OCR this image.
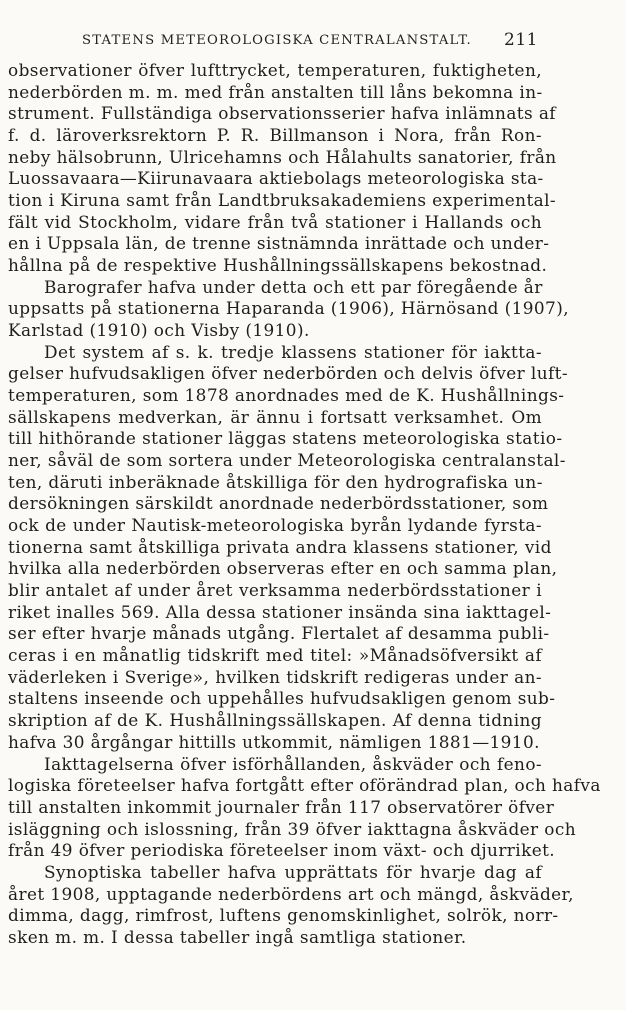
STATENS METEOROLOGISKA CENTRALANSTALT. 211
observationer öfver lufttrycket, temperaturen, fuktigheten,
nederbörden m. m. med från anstalten till låns bekomna in-
strument. Fullständiga observationsserier hafva inlämnats af
f. d. läroverksrektorn P. R. Billmanson i Nora, från Ron-
neby hälsobrunn, Ulricehamns och Hålahults sanatorier, från
Luossavaara—Kiirunavaara aktiebolags meteorologiska sta-
tion i Kiruna samt från Landtbruksakademiens experimental-
fält vid Stockholm, vidare från två stationer i Hallands och
en i Uppsala län, de trenne sistnämnda inrättade och under-
hållna på de respektive Hushållningssällskapens bekostnad.
Barografer hafva under detta och ett par föregående år
uppsatts på stationerna Haparanda (1906), Härnösand (1907),
Karlstad (1910) och Visby (1910).
Det system af s. k. tredje klassens stationer för iaktta-
gelser hufvudsakligen öfver nederbörden och delvis öfver luft-
temperaturen, som 1878 anordnades med de K. Hushållnings-
sällskapens medverkan, är ännu i fortsatt verksamhet. Om
till hithörande stationer läggas statens meteorologiska statio-
ner, såväl de som sortera under Meteorologiska centralanstal-
ten, däruti inberäknade åtskilliga för den hydrografiska un-
dersökningen särskildt anordnade nederbördsstationer, som
ock de under Nautisk-meteorologiska byrån lydande fyrsta-
tionerna samt åtskilliga privata andra klassens stationer, vid
hvilka alla nederbörden observeras efter en och samma plan,
blir antalet af under året verksamma nederbördsstationer i
riket inalles 569. Alla dessa stationer insända sina iakttagel-
ser efter hvarje månads utgång. Flertalet af desamma publi-
ceras i en månatlig tidskrift med titel: »Månadsöfversikt af
väderleken i Sverige», hvilken tidskrift redigeras under an-
staltens inseende och uppehålles hufvudsakligen genom sub-
skription af de K. Hushållningssällskapen. Af denna tidning
hafva 30 årgångar hittills utkommit, nämligen 1881—1910.
Iakttagelserna öfver isförhållanden, åskväder och feno-
logiska företeelser hafva fortgått efter oförändrad plan, och hafva
till anstalten inkommit journaler från 117 observatörer öfver
isläggning och islossning, från 39 öfver iakttagna åskväder och
från 49 öfver periodiska företeelser inom växt- och djurriket.
Synoptiska tabeller hafva upprättats för hvarje dag af
året 1908, upptagande nederbördens art och mängd, åskväder,
dimma, dagg, rimfrost, luftens genomskinlighet, solrök, norr-
sken m. m. I dessa tabeller ingå samtliga stationer.
